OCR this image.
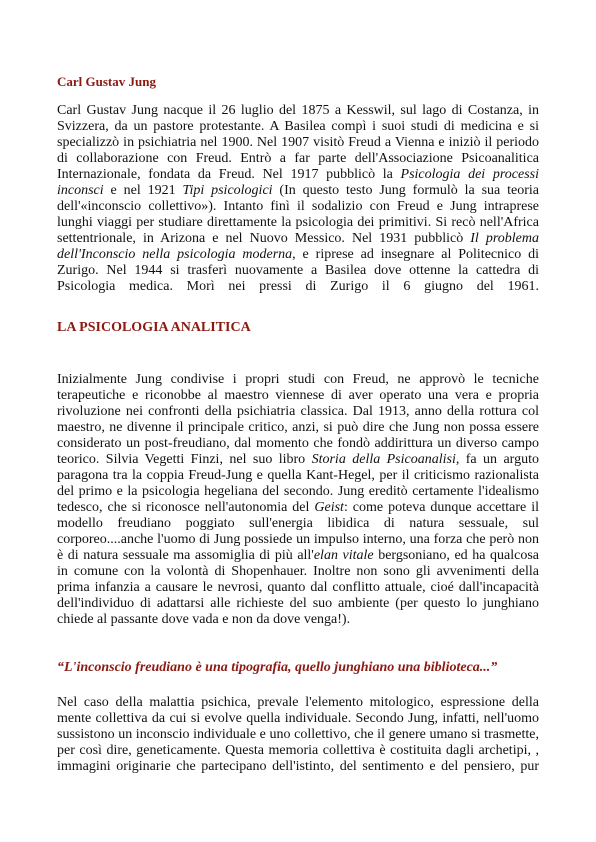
Carl Gustav Jung
Carl Gustav Jung nacque il 26 luglio del 1875 a Kesswil, sul lago di Costanza, in
Svizzera, da un pastore protestante. A Basilea compì i suoi studi di medicina e si
specializzò in psichiatria nel 1900. Nel 1907 visitò Freud a Vienna e iniziò il periodo
di collaborazione con Freud. Entrò a far parte dell'Associazione Psicoanalitica
Internazionale, fondata da Freud. Nel 1917 pubblicò la Psicologia dei processi
inconsci e nel 1921 Tipi psicologici (In questo testo Jung formulò la sua teoria
dell'«inconscio collettivo»). Intanto finì il sodalizio con Freud e Jung intraprese
lunghi viaggi per studiare direttamente la psicologia dei primitivi. Si recò nell'Africa
settentrionale, in Arizona e nel Nuovo Messico. Nel 1931 pubblicò Il problema
dell'Inconscio nella psicologia moderna, e riprese ad insegnare al Politecnico di
Zurigo. Nel 1944 si trasferì nuovamente a Basilea dove ottenne la cattedra di
Psicologia medica. Morì nei pressi di Zurigo il 6 giugno del 1961.
LA PSICOLOGIA ANALITICA
Inizialmente Jung condivise i propri studi con Freud, ne approvò le tecniche
terapeutiche e riconobbe al maestro viennese di aver operato una vera e propria
rivoluzione nei confronti della psichiatria classica. Dal 1913, anno della rottura col
maestro, ne divenne il principale critico, anzi, si può dire che Jung non possa essere
considerato un post-freudiano, dal momento che fondò addirittura un diverso campo
teorico. Silvia Vegetti Finzi, nel suo libro Storia della Psicoanalisi, fa un arguto
paragona tra la coppia Freud-Jung e quella Kant-Hegel, per il criticismo razionalista
del primo e la psicologia hegeliana del secondo. Jung ereditò certamente l'idealismo
tedesco, che si riconosce nell'autonomia del Geist: come poteva dunque accettare il
modello freudiano poggiato sull'energia libidica di natura sessuale, sul
corporeo....anche l'uomo di Jung possiede un impulso interno, una forza che però non
è di natura sessuale ma assomiglia di più all'elan vitale bergsoniano, ed ha qualcosa
in comune con la volontà di Shopenhauer. Inoltre non sono gli avvenimenti della
prima infanzia a causare le nevrosi, quanto dal conflitto attuale, cioé dall'incapacità
dell'individuo di adattarsi alle richieste del suo ambiente (per questo lo junghiano
chiede al passante dove vada e non da dove venga!).
“L'inconscio freudiano è una tipografia, quello junghiano una biblioteca...”
Nel caso della malattia psichica, prevale l'elemento mitologico, espressione della
mente collettiva da cui si evolve quella individuale. Secondo Jung, infatti, nell'uomo
sussistono un inconscio individuale e uno collettivo, che il genere umano si trasmette,
per così dire, geneticamente. Questa memoria collettiva è costituita dagli archetipi, ,
immagini originarie che partecipano dell'istinto, del sentimento e del pensiero, pur
